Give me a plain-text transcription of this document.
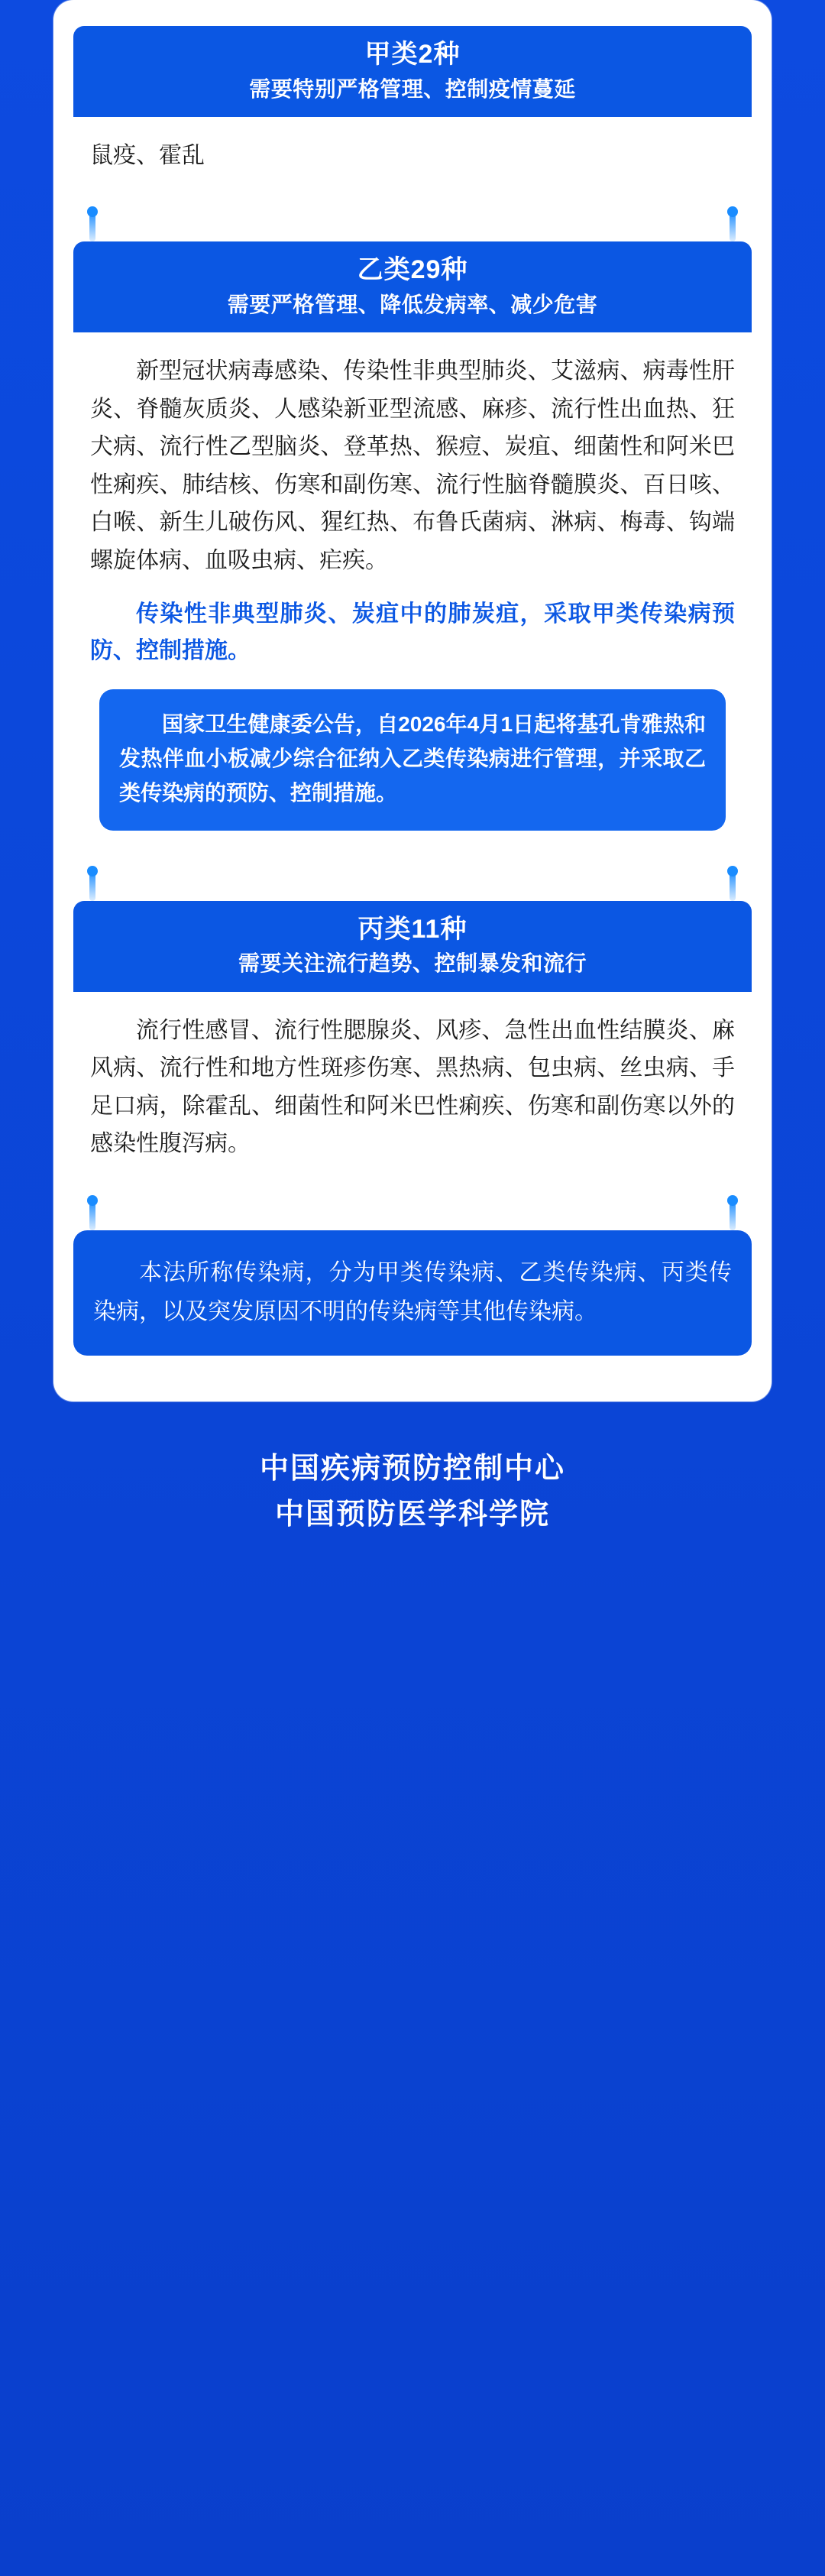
甲类2种
需要特别严格管理、控制疫情蔓延

鼠疫、霍乱

乙类29种
需要严格管理、降低发病率、减少危害

新型冠状病毒感染、传染性非典型肺炎、艾滋病、病毒性肝炎、脊髓灰质炎、人感染新亚型流感、麻疹、流行性出血热、狂犬病、流行性乙型脑炎、登革热、猴痘、炭疽、细菌性和阿米巴性痢疾、肺结核、伤寒和副伤寒、流行性脑脊髓膜炎、百日咳、白喉、新生儿破伤风、猩红热、布鲁氏菌病、淋病、梅毒、钩端螺旋体病、血吸虫病、疟疾。

传染性非典型肺炎、炭疽中的肺炭疽，采取甲类传染病预防、控制措施。

国家卫生健康委公告，自2026年4月1日起将基孔肯雅热和发热伴血小板减少综合征纳入乙类传染病进行管理，并采取乙类传染病的预防、控制措施。

丙类11种
需要关注流行趋势、控制暴发和流行

流行性感冒、流行性腮腺炎、风疹、急性出血性结膜炎、麻风病、流行性和地方性斑疹伤寒、黑热病、包虫病、丝虫病、手足口病，除霍乱、细菌性和阿米巴性痢疾、伤寒和副伤寒以外的感染性腹泻病。

本法所称传染病，分为甲类传染病、乙类传染病、丙类传染病，以及突发原因不明的传染病等其他传染病。

中国疾病预防控制中心
中国预防医学科学院
